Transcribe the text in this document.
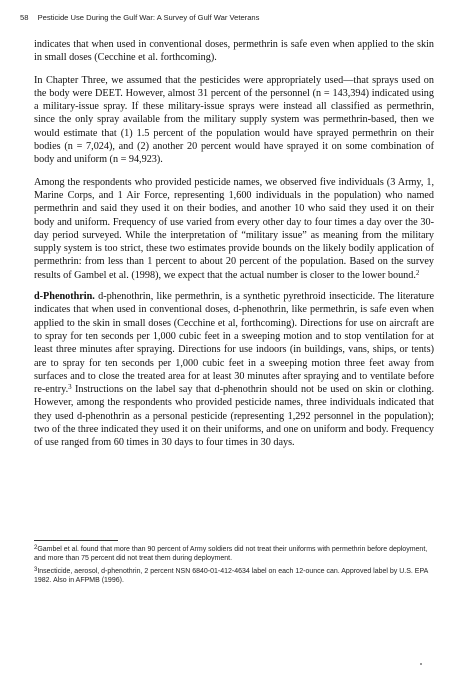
58 Pesticide Use During the Gulf War: A Survey of Gulf War Veterans

indicates that when used in conventional doses, permethrin is safe even when applied to the skin in small doses (Cecchine et al. forthcoming).

In Chapter Three, we assumed that the pesticides were appropriately used—that sprays used on the body were DEET. However, almost 31 percent of the personnel (n = 143,394) indicated using a military-issue spray. If these military-issue sprays were instead all classified as permethrin, since the only spray available from the military supply system was permethrin-based, then we would estimate that (1) 1.5 percent of the population would have sprayed permethrin on their bodies (n = 7,024), and (2) another 20 percent would have sprayed it on some combination of body and uniform (n = 94,923).

Among the respondents who provided pesticide names, we observed five individuals (3 Army, 1, Marine Corps, and 1 Air Force, representing 1,600 individuals in the population) who named permethrin and said they used it on their bodies, and another 10 who said they used it on their body and uniform. Frequency of use varied from every other day to four times a day over the 30-day period surveyed. While the interpretation of “military issue” as meaning from the military supply system is too strict, these two estimates provide bounds on the likely bodily application of permethrin: from less than 1 percent to about 20 percent of the population. Based on the survey results of Gambel et al. (1998), we expect that the actual number is closer to the lower bound.$^2$

d-Phenothrin. d-phenothrin, like permethrin, is a synthetic pyrethroid insecticide. The literature indicates that when used in conventional doses, d-phenothrin, like permethrin, is safe even when applied to the skin in small doses (Cecchine et al, forthcoming). Directions for use on aircraft are to spray for ten seconds per 1,000 cubic feet in a sweeping motion and to stop ventilation for at least three minutes after spraying. Directions for use indoors (in buildings, vans, ships, or tents) are to spray for ten seconds per 1,000 cubic feet in a sweeping motion three feet away from surfaces and to close the treated area for at least 30 minutes after spraying and to ventilate before re-entry.$^3$ Instructions on the label say that d-phenothrin should not be used on skin or clothing. However, among the respondents who provided pesticide names, three individuals indicated that they used d-phenothrin as a personal pesticide (representing 1,292 personnel in the population); two of the three indicated they used it on their uniforms, and one on uniform and body. Frequency of use ranged from 60 times in 30 days to four times in 30 days.

$^2$Gambel et al. found that more than 90 percent of Army soldiers did not treat their uniforms with permethrin before deployment, and more than 75 percent did not treat them during deployment.

$^3$Insecticide, aerosol, d-phenothrin, 2 percent NSN 6840-01-412-4634 label on each 12-ounce can. Approved label by U.S. EPA 1982. Also in AFPMB (1996).
